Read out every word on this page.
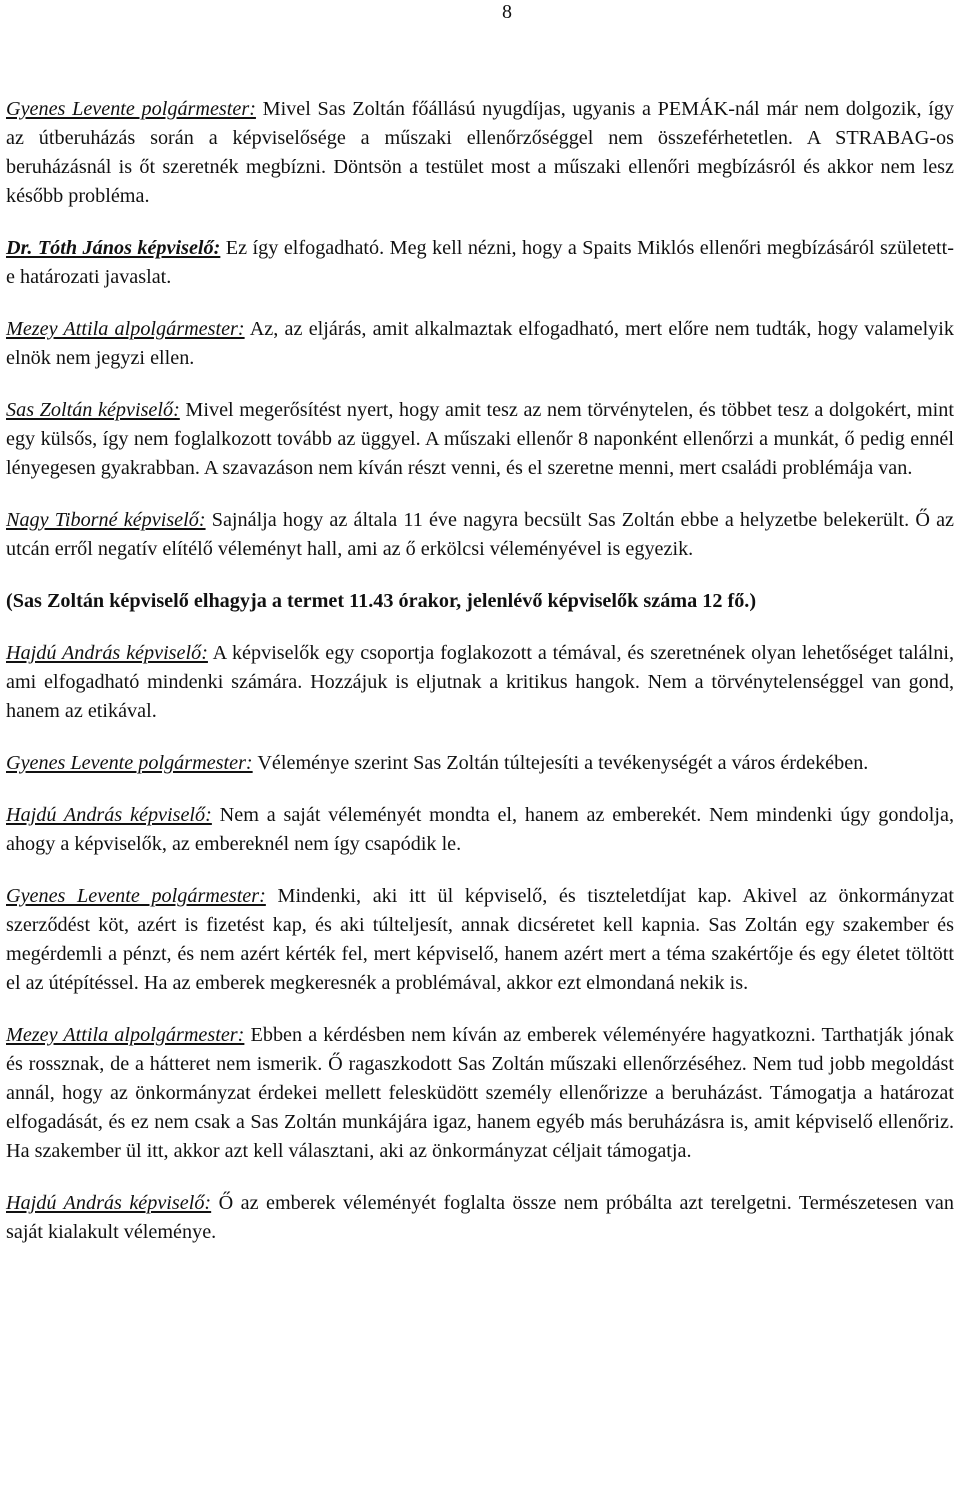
8

Gyenes Levente polgármester: Mivel Sas Zoltán főállású nyugdíjas, ugyanis a PEMÁK-nál már nem dolgozik, így az útberuházás során a képviselősége a műszaki ellenőrzőséggel nem összeférhetetlen. A STRABAG-os beruházásnál is őt szeretnék megbízni. Döntsön a testület most a műszaki ellenőri megbízásról és akkor nem lesz később probléma.

Dr. Tóth János képviselő: Ez így elfogadható. Meg kell nézni, hogy a Spaits Miklós ellenőri megbízásáról született-e határozati javaslat.

Mezey Attila alpolgármester: Az, az eljárás, amit alkalmaztak elfogadható, mert előre nem tudták, hogy valamelyik elnök nem jegyzi ellen.

Sas Zoltán képviselő: Mivel megerősítést nyert, hogy amit tesz az nem törvénytelen, és többet tesz a dolgokért, mint egy külsős, így nem foglalkozott tovább az üggyel. A műszaki ellenőr 8 naponként ellenőrzi a munkát, ő pedig ennél lényegesen gyakrabban. A szavazáson nem kíván részt venni, és el szeretne menni, mert családi problémája van.

Nagy Tiborné képviselő: Sajnálja hogy az általa 11 éve nagyra becsült Sas Zoltán ebbe a helyzetbe belekerült. Ő az utcán erről negatív elítélő véleményt hall, ami az ő erkölcsi véleményével is egyezik.

(Sas Zoltán képviselő elhagyja a termet 11.43 órakor, jelenlévő képviselők száma 12 fő.)

Hajdú András képviselő: A képviselők egy csoportja foglakozott a témával, és szeretnének olyan lehetőséget találni, ami elfogadható mindenki számára. Hozzájuk is eljutnak a kritikus hangok. Nem a törvénytelenséggel van gond, hanem az etikával.

Gyenes Levente polgármester: Véleménye szerint Sas Zoltán túltejesíti a tevékenységét a város érdekében.

Hajdú András képviselő: Nem a saját véleményét mondta el, hanem az emberekét. Nem mindenki úgy gondolja, ahogy a képviselők, az embereknél nem így csapódik le.

Gyenes Levente polgármester: Mindenki, aki itt ül képviselő, és tiszteletdíjat kap. Akivel az önkormányzat szerződést köt, azért is fizetést kap, és aki túlteljesít, annak dicséretet kell kapnia. Sas Zoltán egy szakember és megérdemli a pénzt, és nem azért kérték fel, mert képviselő, hanem azért mert a téma szakértője és egy életet töltött el az útépítéssel. Ha az emberek megkeresnék a problémával, akkor ezt elmondaná nekik is.

Mezey Attila alpolgármester: Ebben a kérdésben nem kíván az emberek véleményére hagyatkozni. Tarthatják jónak és rossznak, de a hátteret nem ismerik. Ő ragaszkodott Sas Zoltán műszaki ellenőrzéséhez. Nem tud jobb megoldást annál, hogy az önkormányzat érdekei mellett felesküdött személy ellenőrizze a beruházást. Támogatja a határozat elfogadását, és ez nem csak a Sas Zoltán munkájára igaz, hanem egyéb más beruházásra is, amit képviselő ellenőriz. Ha szakember ül itt, akkor azt kell választani, aki az önkormányzat céljait támogatja.

Hajdú András képviselő: Ő az emberek véleményét foglalta össze nem próbálta azt terelgetni. Természetesen van saját kialakult véleménye.
